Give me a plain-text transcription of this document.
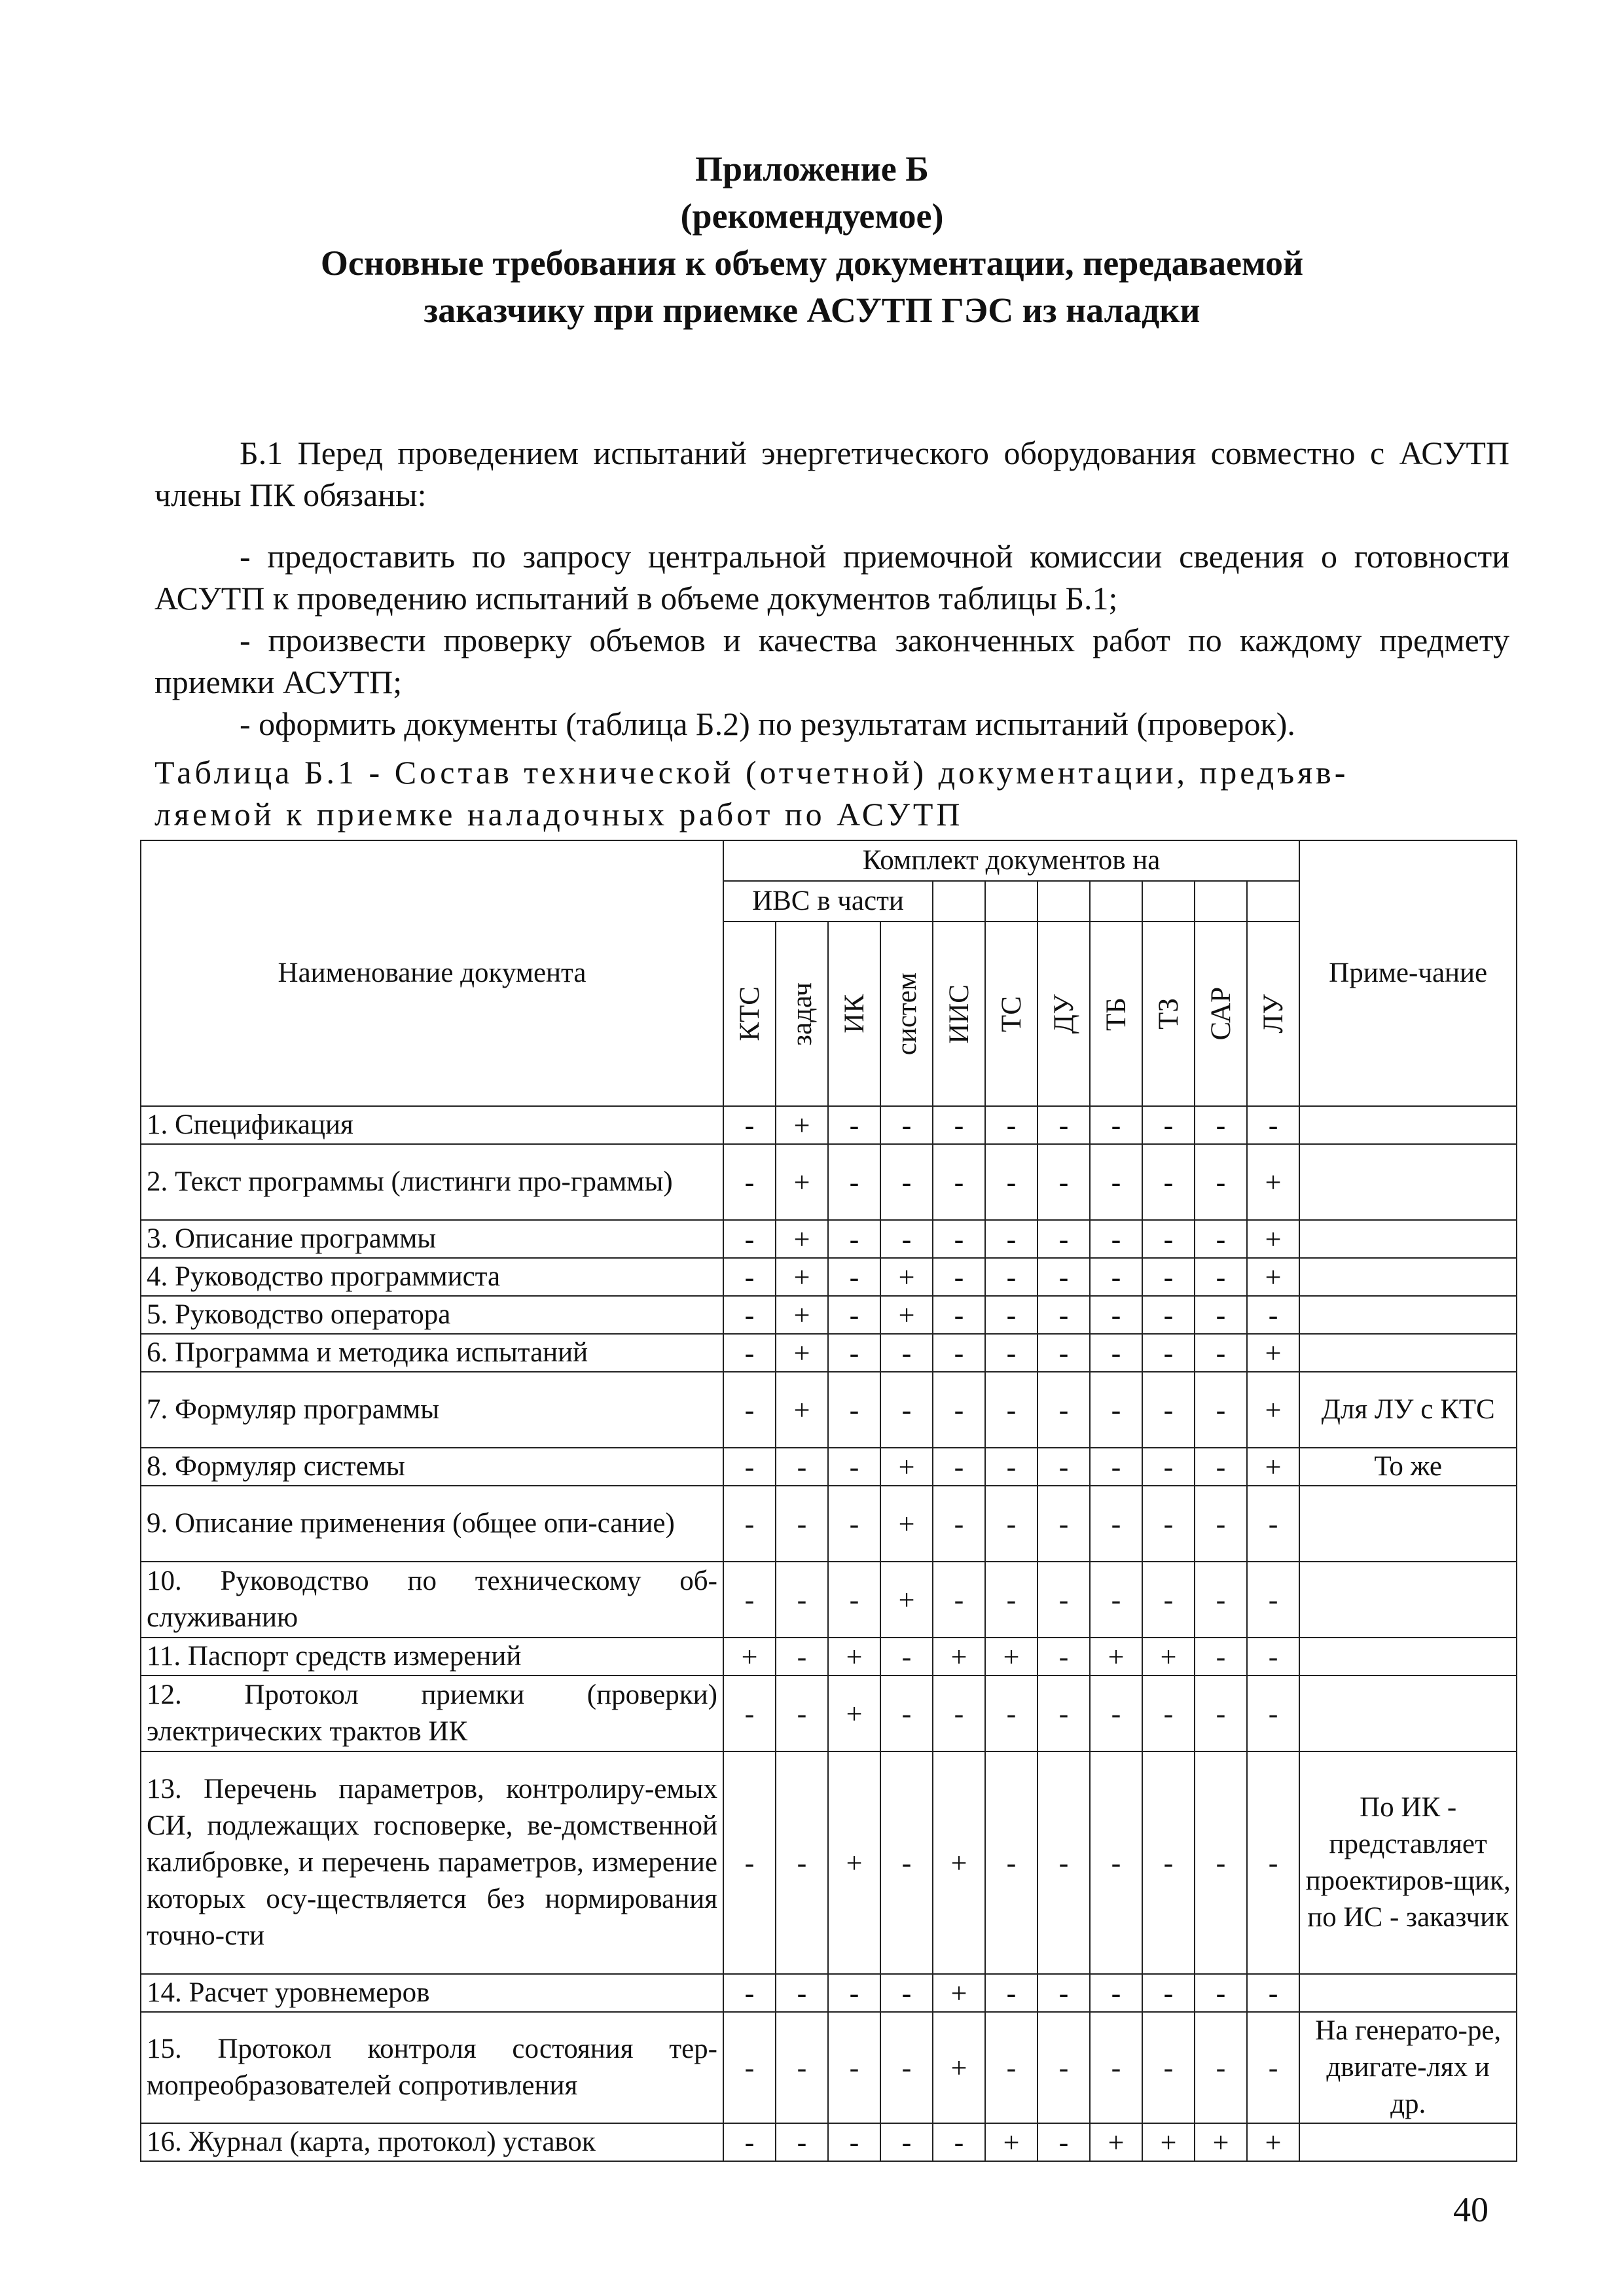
Приложение Б
(рекомендуемое)
Основные требования к объему документации, передаваемой
заказчику при приемке АСУТП ГЭС из наладки

Б.1 Перед проведением испытаний энергетического оборудования совместно с АСУТП члены ПК обязаны:

- предоставить по запросу центральной приемочной комиссии сведения о готовности АСУТП к проведению испытаний в объеме документов таблицы Б.1;

- произвести проверку объемов и качества законченных работ по каждому предмету приемки АСУТП;

- оформить документы (таблица Б.2) по результатам испытаний (проверок).

Таблица Б.1 - Состав технической (отчетной) документации, предъяв-

ляемой к приемке наладочных работ по АСУТП

Наименование документа	Комплект документов на											Приме-чание
	ИВС в части											

	КТС	задач	ИК	систем	ИИС	ТС	ДУ	ТБ	ТЗ	САР	ЛУ	

1. Спецификация	-	+	-	-	-	-	-	-	-	-	-	
2. Текст программы (листинги про-граммы)	-	+	-	-	-	-	-	-	-	-	+	
3. Описание программы	-	+	-	-	-	-	-	-	-	-	+	
4. Руководство программиста	-	+	-	+	-	-	-	-	-	-	+	
5. Руководство оператора	-	+	-	+	-	-	-	-	-	-	-	
6. Программа и методика испытаний	-	+	-	-	-	-	-	-	-	-	+	
7. Формуляр программы	-	+	-	-	-	-	-	-	-	-	+	Для ЛУ с КТС
8. Формуляр системы	-	-	-	+	-	-	-	-	-	-	+	То же
9. Описание применения (общее опи-сание)	-	-	-	+	-	-	-	-	-	-	-	
10. Руководство по техническому об-служиванию	-	-	-	+	-	-	-	-	-	-	-	
11. Паспорт средств измерений	+	-	+	-	+	+	-	+	+	-	-	
12. Протокол приемки (проверки) электрических трактов ИК	-	-	+	-	-	-	-	-	-	-	-	
13. Перечень параметров, контролиру-емых СИ, подлежащих госповерке, ве-домственной калибровке, и перечень параметров, измерение которых осу-ществляется без нормирования точно-сти	-	-	+	-	+	-	-	-	-	-	-	По ИК - представляет проектиров-щик, по ИС - заказчик
14. Расчет уровнемеров	-	-	-	-	+	-	-	-	-	-	-	
15. Протокол контроля состояния тер-мопреобразователей сопротивления	-	-	-	-	+	-	-	-	-	-	-	На генерато-ре, двигате-лях и др.
16. Журнал (карта, протокол) уставок	-	-	-	-	-	+	-	+	+	+	+	
40
